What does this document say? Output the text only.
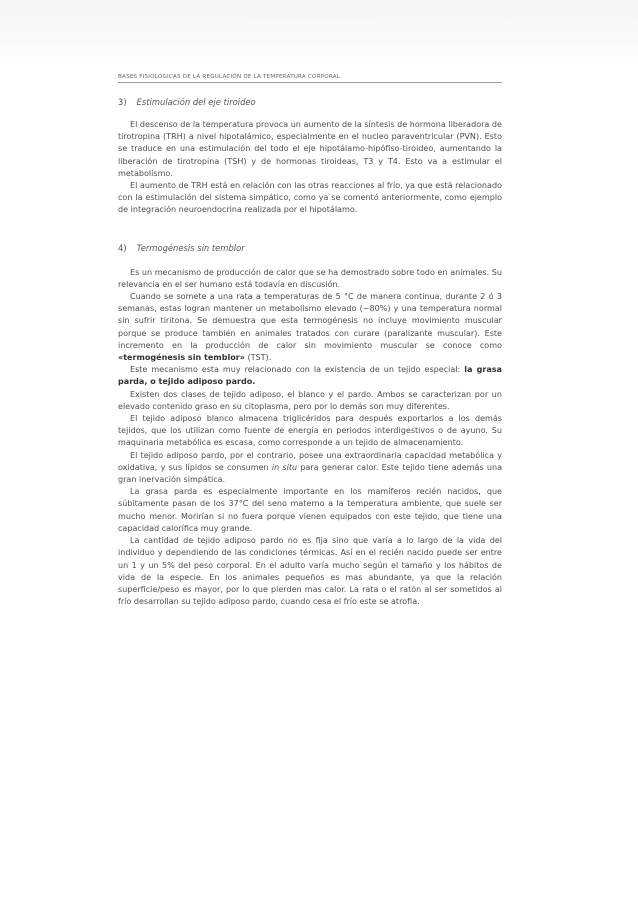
BASES FISIOLÓGICAS DE LA REGULACIÓN DE LA TEMPERATURA CORPORAL
3) Estimulación del eje tiroideo

El descenso de la temperatura provoca un aumento de la síntesis de hormona liberadora de tirotropina (TRH) a nivel hipotalámico, especialmente en el nucleo paraventricular (PVN). Esto se traduce en una estimulación del todo el eje hipotálamo-hipófiso-tiroideo, aumentando la liberación de tirotropina (TSH) y de hormonas tiroideas, T3 y T4. Esto va a estimular el metabolismo.

El aumento de TRH está en relación con las otras reacciones al frío, ya que está relacionado con la estimulación del sistema simpático, como ya se comentó anteriormente, como ejemplo de integración neuroendocrina realizada por el hipotálamo.

4) Termogénesis sin temblor

Es un mecanismo de producción de calor que se ha demostrado sobre todo en animales. Su relevancia en el ser humano está todavía en discusión.

Cuando se somete a una rata a temperaturas de 5 °C de manera continua, durante 2 ó 3 semanas, estas logran mantener un metabolismo elevado (~80%) y una temperatura normal sin sufrir tiritona. Se demuestra que esta termogénesis no incluye movimiento muscular porque se produce también en animales tratados con curare (paralizante muscular). Este incremento en la producción de calor sin movimiento muscular se conoce como «termogénesis sin temblor» (TST).

Este mecanismo esta muy relacionado con la existencia de un tejido especial: la grasa parda, o tejido adiposo pardo.

Existen dos clases de tejido adiposo, el blanco y el pardo. Ambos se caracterizan por un elevado contenido graso en su citoplasma, pero por lo demás son muy diferentes.

El tejido adiposo blanco almacena triglicéridos para después exportarlos a los demás tejidos, que los utilizan como fuente de energía en periodos interdigestivos o de ayuno. Su maquinaria metabólica es escasa, como corresponde a un tejido de almacenamiento.

El tejido adiposo pardo, por el contrario, posee una extraordinaria capacidad metabólica y oxidativa, y sus lípidos se consumen in situ para generar calor. Este tejido tiene además una gran inervación simpática.

La grasa parda es especialmente importante en los mamíferos recién nacidos, que súbitamente pasan de los 37°C del seno materno a la temperatura ambiente, que suele ser mucho menor. Morirían si no fuera porque vienen equipados con este tejido, que tiene una capacidad calorífica muy grande.

La cantidad de tejido adiposo pardo no es fija sino que varía a lo largo de la vida del individuo y dependiendo de las condiciones térmicas. Así en el recién nacido puede ser entre un 1 y un 5% del peso corporal. En el adulto varía mucho según el tamaño y los hábitos de vida de la especie. En los animales pequeños es mas abundante, ya que la relación superficie/peso es mayor, por lo que pierden mas calor. La rata o el ratón al ser sometidos al frío desarrollan su tejido adiposo pardo, cuando cesa el frío este se atrofia.
